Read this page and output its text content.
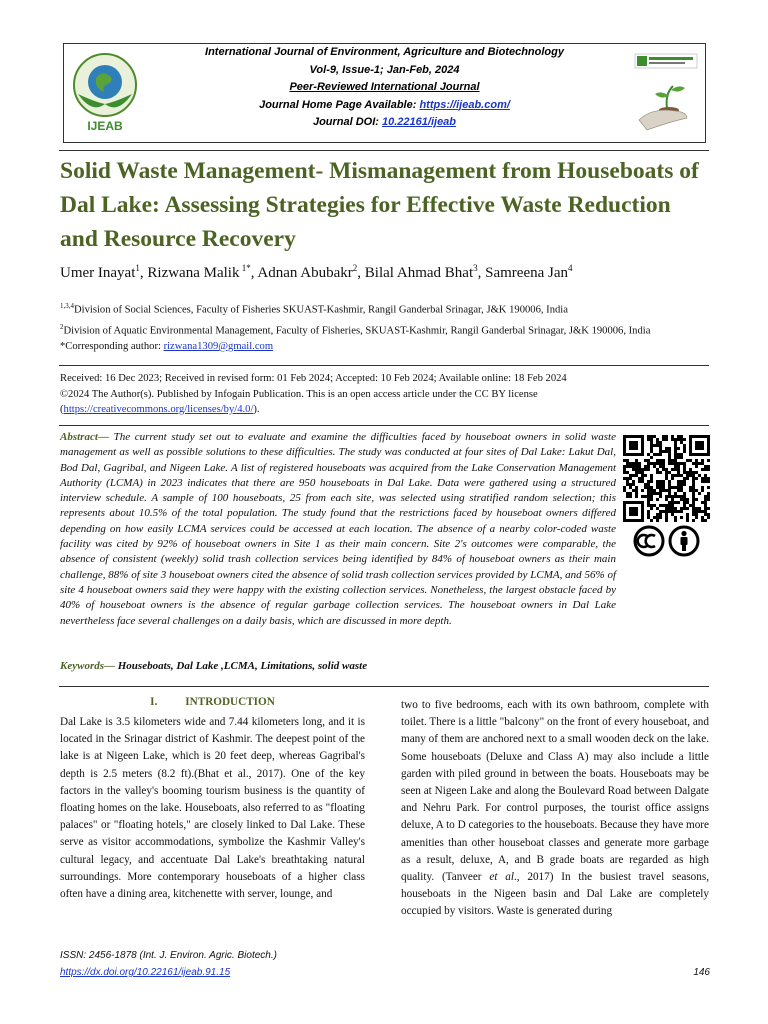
IJEAB
International Journal of Environment, Agriculture and Biotechnology
Vol-9, Issue-1; Jan-Feb, 2024
Peer-Reviewed International Journal
Journal Home Page Available: https://ijeab.com/
Journal DOI: 10.22161/ijeab
Solid Waste Management- Mismanagement from Houseboats of Dal Lake: Assessing Strategies for Effective Waste Reduction and Resource Recovery
Umer Inayat$^1$, Rizwana Malik $^{1*}$, Adnan Abubakr$^2$, Bilal Ahmad Bhat$^3$, Samreena Jan$^4$
$^{1,3,4}$Division of Social Sciences, Faculty of Fisheries SKUAST-Kashmir, Rangil Ganderbal Srinagar, J&K 190006, India
$^2$Division of Aquatic Environmental Management, Faculty of Fisheries, SKUAST-Kashmir, Rangil Ganderbal Srinagar, J&K 190006, India
*Corresponding author: rizwana1309@gmail.com
Received: 16 Dec 2023; Received in revised form: 01 Feb 2024; Accepted: 10 Feb 2024; Available online: 18 Feb 2024
©2024 The Author(s). Published by Infogain Publication. This is an open access article under the CC BY license
(https://creativecommons.org/licenses/by/4.0/).
Abstract— The current study set out to evaluate and examine the difficulties faced by houseboat owners in solid waste management as well as possible solutions to these difficulties. The study was conducted at four sites of Dal Lake: Lakut Dal, Bod Dal, Gagribal, and Nigeen Lake. A list of registered houseboats was acquired from the Lake Conservation Management Authority (LCMA) in 2023 indicates that there are 950 houseboats in Dal Lake. Data were gathered using a structured interview schedule. A sample of 100 houseboats, 25 from each site, was selected using stratified random selection; this represents about 10.5% of the total population. The study found that the restrictions faced by houseboat owners differed depending on how easily LCMA services could be accessed at each location. The absence of a nearby color-coded waste facility was cited by 92% of houseboat owners in Site 1 as their main concern. Site 2's outcomes were comparable, the absence of consistent (weekly) solid trash collection services being identified by 84% of houseboat owners as their main challenge, 88% of site 3 houseboat owners cited the absence of solid trash collection services provided by LCMA, and 56% of site 4 houseboat owners said they were happy with the existing collection services. Nonetheless, the largest obstacle faced by 40% of houseboat owners is the absence of regular garbage collection services. The houseboat owners in Dal Lake nevertheless face several challenges on a daily basis, which are discussed in more depth.
Keywords— Houseboats, Dal Lake ,LCMA, Limitations, solid waste
I. INTRODUCTION
Dal Lake is 3.5 kilometers wide and 7.44 kilometers long, and it is located in the Srinagar district of Kashmir. The deepest point of the lake is at Nigeen Lake, which is 20 feet deep, whereas Gagribal's depth is 2.5 meters (8.2 ft).(Bhat et al., 2017). One of the key factors in the valley's booming tourism business is the quantity of floating homes on the lake. Houseboats, also referred to as "floating palaces" or "floating hotels," are closely linked to Dal Lake. These serve as visitor accommodations, symbolize the Kashmir Valley's cultural legacy, and accentuate Dal Lake's breathtaking natural surroundings. More contemporary houseboats of a higher class often have a dining area, kitchenette with server, lounge, and
two to five bedrooms, each with its own bathroom, complete with toilet. There is a little "balcony" on the front of every houseboat, and many of them are anchored next to a small wooden deck on the lake. Some houseboats (Deluxe and Class A) may also include a little garden with piled ground in between the boats. Houseboats may be seen at Nigeen Lake and along the Boulevard Road between Dalgate and Nehru Park. For control purposes, the tourist office assigns deluxe, A to D categories to the houseboats. Because they have more amenities than other houseboat classes and generate more garbage as a result, deluxe, A, and B grade boats are regarded as high quality. (Tanveer et al., 2017) In the busiest travel seasons, houseboats in the Nigeen basin and Dal Lake are completely occupied by visitors. Waste is generated during
ISSN: 2456-1878 (Int. J. Environ. Agric. Biotech.)
https://dx.doi.org/10.22161/ijeab.91.15	146
